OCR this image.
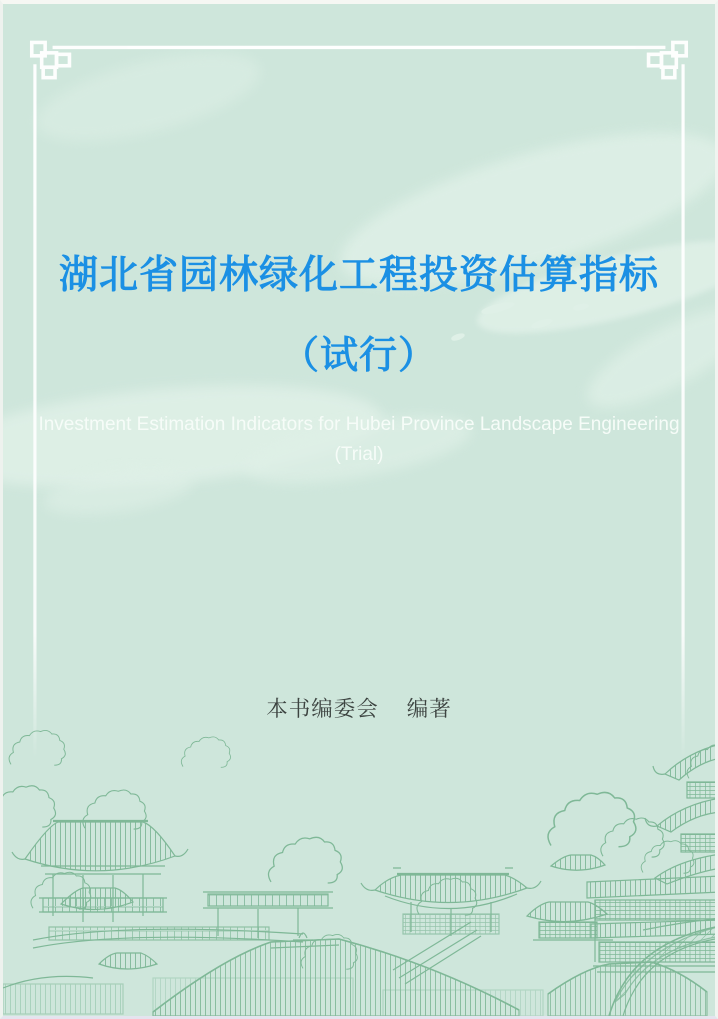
湖北省园林绿化工程投资估算指标
（试行）
Investment Estimation Indicators for Hubei Province Landscape Engineering
(Trial)
本书编委会 编著
